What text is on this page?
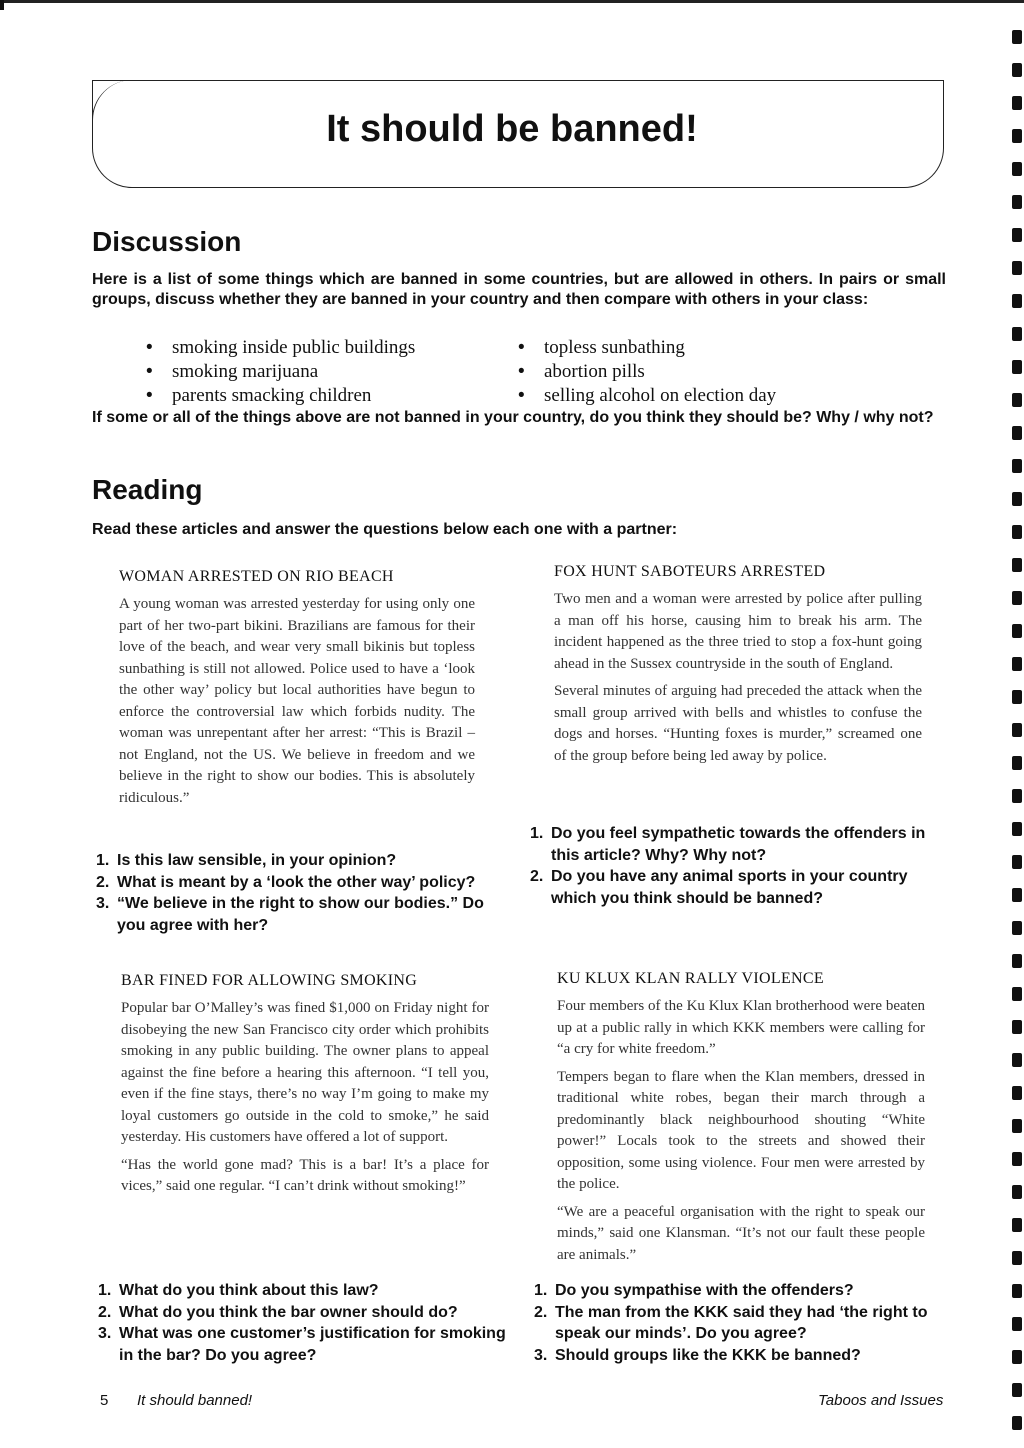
It should be banned!
Discussion
Here is a list of some things which are banned in some countries, but are allowed in others. In pairs or small groups, discuss whether they are banned in your country and then compare with others in your class:
• smoking inside public buildings
• smoking marijuana
• parents smacking children
• topless sunbathing
• abortion pills
• selling alcohol on election day
If some or all of the things above are not banned in your country, do you think they should be? Why / why not?
Reading
Read these articles and answer the questions below each one with a partner:
WOMAN ARRESTED ON RIO BEACH

A young woman was arrested yesterday for using only one part of her two-part bikini. Brazilians are famous for their love of the beach, and wear very small bikinis but topless sunbathing is still not allowed. Police used to have a ‘look the other way’ policy but local authorities have begun to enforce the controversial law which forbids nudity. The woman was unrepentant after her arrest: “This is Brazil – not England, not the US. We believe in freedom and we believe in the right to show our bodies. This is absolutely ridiculous.”

1. Is this law sensible, in your opinion?
2. What is meant by a ‘look the other way’ policy?
3. “We believe in the right to show our bodies.” Do you agree with her?
FOX HUNT SABOTEURS ARRESTED

Two men and a woman were arrested by police after pulling a man off his horse, causing him to break his arm. The incident happened as the three tried to stop a fox-hunt going ahead in the Sussex countryside in the south of England.

Several minutes of arguing had preceded the attack when the small group arrived with bells and whistles to confuse the dogs and horses. “Hunting foxes is murder,” screamed one of the group before being led away by police.

1. Do you feel sympathetic towards the offenders in this article? Why? Why not?
2. Do you have any animal sports in your country which you think should be banned?
BAR FINED FOR ALLOWING SMOKING

Popular bar O’Malley’s was fined $1,000 on Friday night for disobeying the new San Francisco city order which prohibits smoking in any public building. The owner plans to appeal against the fine before a hearing this afternoon. “I tell you, even if the fine stays, there’s no way I’m going to make my loyal customers go outside in the cold to smoke,” he said yesterday. His customers have offered a lot of support.

“Has the world gone mad? This is a bar! It’s a place for vices,” said one regular. “I can’t drink without smoking!”

1. What do you think about this law?
2. What do you think the bar owner should do?
3. What was one customer’s justification for smoking in the bar? Do you agree?
KU KLUX KLAN RALLY VIOLENCE

Four members of the Ku Klux Klan brotherhood were beaten up at a public rally in which KKK members were calling for “a cry for white freedom.”

Tempers began to flare when the Klan members, dressed in traditional white robes, began their march through a predominantly black neighbourhood shouting “White power!” Locals took to the streets and showed their opposition, some using violence. Four men were arrested by the police.

“We are a peaceful organisation with the right to speak our minds,” said one Klansman. “It’s not our fault these people are animals.”

1. Do you sympathise with the offenders?
2. The man from the KKK said they had ‘the right to speak our minds’. Do you agree?
3. Should groups like the KKK be banned?
5 It should banned!	Taboos and Issues
